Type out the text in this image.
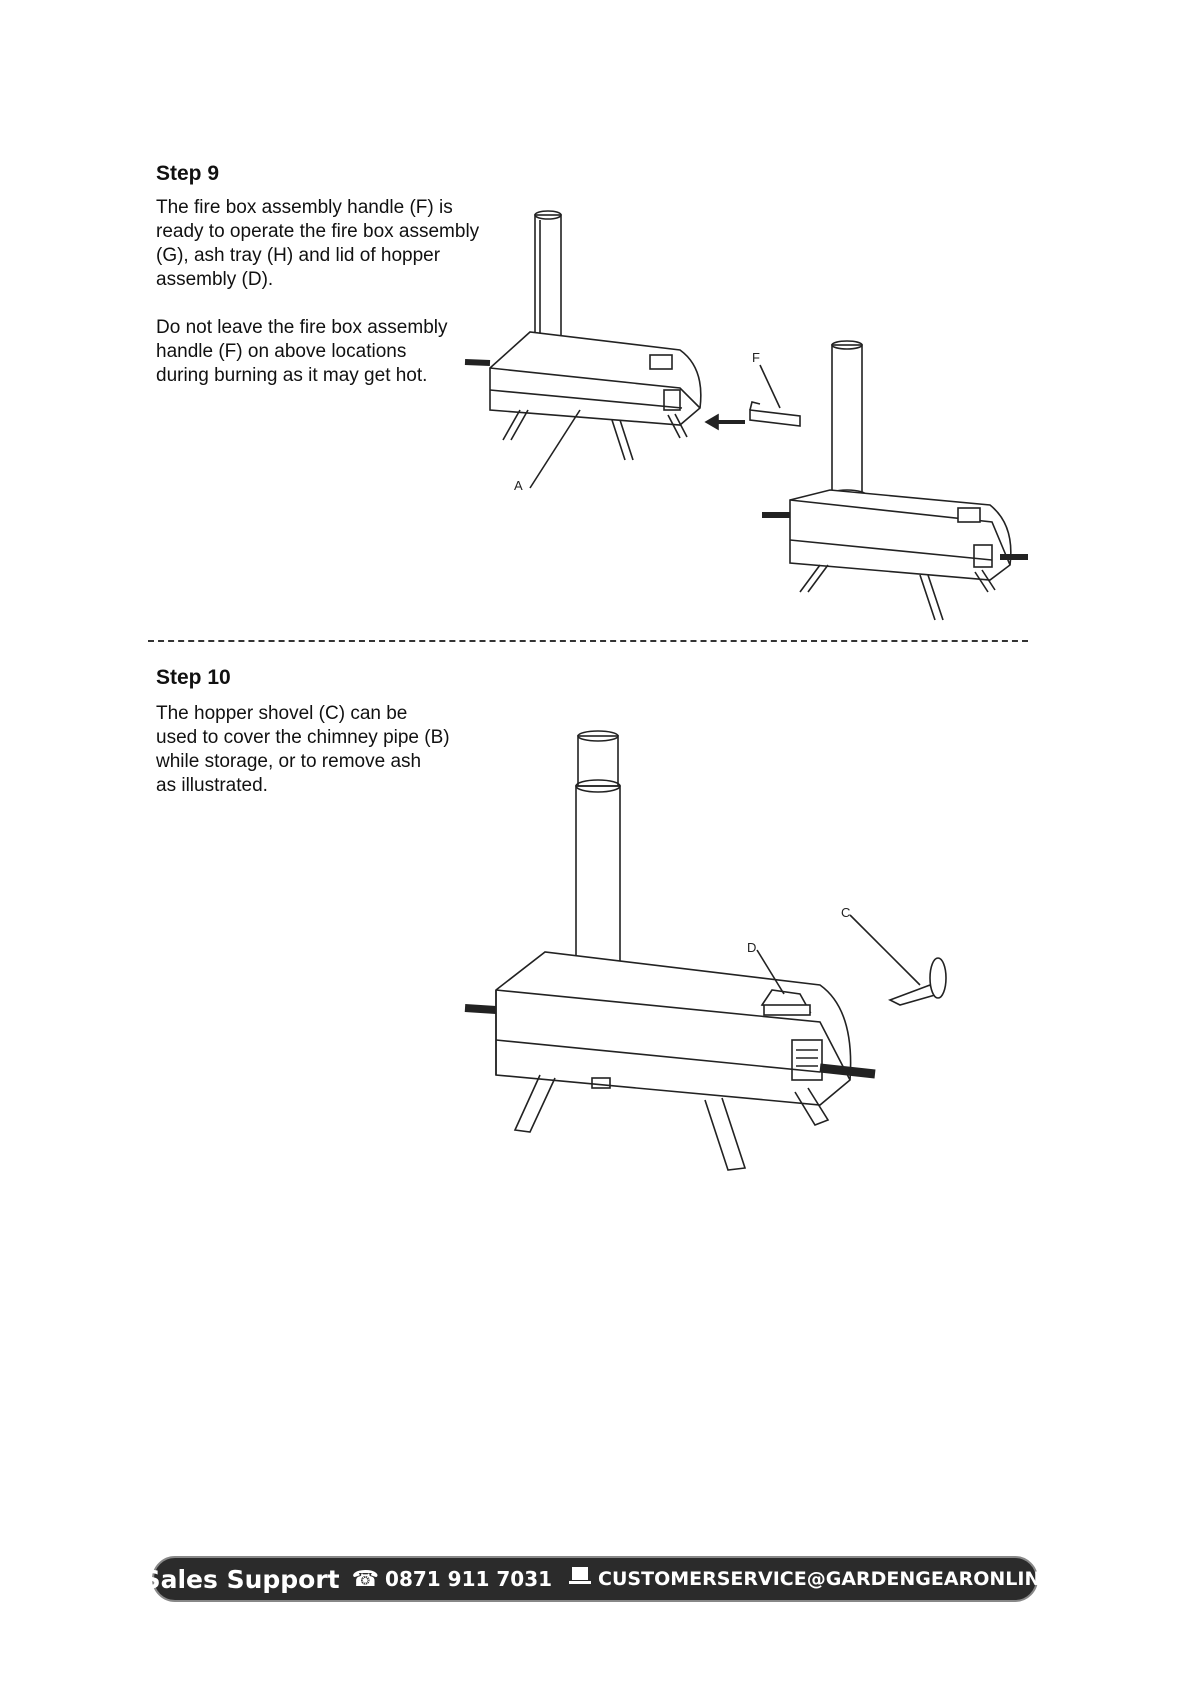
Step 9

The fire box assembly handle (F) is
ready to operate the fire box assembly
(G), ash tray (H) and lid of hopper
assembly (D).

Do not leave the fire box assembly
handle (F) on above locations
during burning as it may get hot.

A
F
Step 10

The hopper shovel (C) can be
used to cover the chimney pipe (B)
while storage, or to remove ash
as illustrated.

C
D
After Sales Support ☎ 0871 911 7031 CUSTOMERSERVICE@GARDENGEARONLINE.CO.UK
